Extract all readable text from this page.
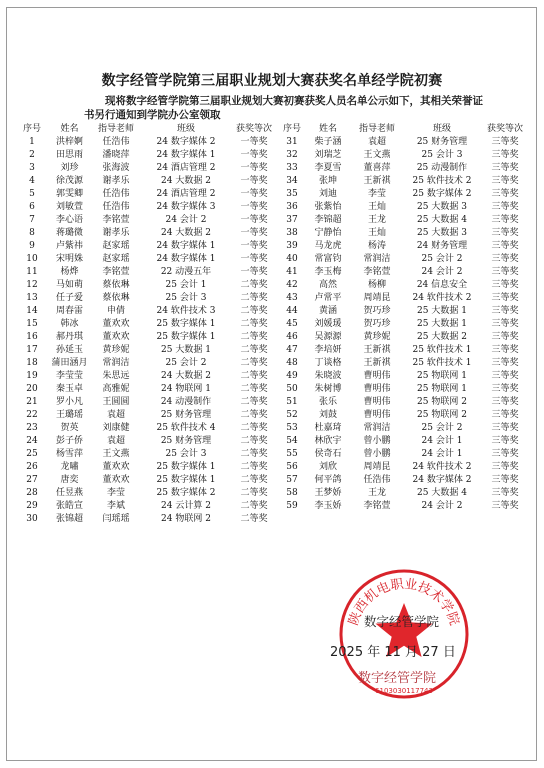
数字经管学院第三届职业规划大赛获奖名单经学院初赛
现将数字经管学院第三届职业规划大赛初赛获奖人员名单公示如下，其相关荣誉证书另行通知到学院办公室领取
序号	姓名	指导老师	班级	获奖等次
1	洪梓婀	任浩伟	24 数字媒体 2	一等奖
2	田思雨	潘晓萍	24 数字媒体 1	一等奖
3	刘珍	张海波	24 酒店管理 2	一等奖
4	徐茂源	谢孝乐	24 大数据 2	一等奖
5	郭雯卿	任浩伟	24 酒店管理 2	一等奖
6	刘敏萱	任浩伟	24 数字媒体 3	一等奖
7	李心语	李铭萱	24 会计 2	一等奖
8	蒋璐微	谢孝乐	24 大数据 2	一等奖
9	卢紫祎	赵家瑶	24 数字媒体 1	一等奖
10	宋明姝	赵家瑶	24 数字媒体 1	一等奖
11	杨烨	李铭萱	22 动漫五年	一等奖
12	马如萌	蔡依琳	25 会计 1	二等奖
13	任子爱	蔡依琳	25 会计 3	二等奖
14	周春雷	申倩	24 软件技术 3	二等奖
15	韩冰	董欢欢	25 数字媒体 1	二等奖
16	郝丹琪	董欢欢	25 数字媒体 1	二等奖
17	孙延玉	黄珍妮	25 大数据 1	二等奖
18	蒲田涵月	常润洁	25 会计 2	二等奖
19	李莹莹	朱思远	24 大数据 2	二等奖
20	秦玉卓	高雅妮	24 物联网 1	二等奖
21	罗小凡	王圆圆	24 动漫制作	二等奖
22	王璐瑶	袁超	25 财务管理	二等奖
23	贺英	刘康健	25 软件技术 4	二等奖
24	彭子侨	袁超	25 财务管理	二等奖
25	杨雪萍	王文燕	25 会计 3	二等奖
26	龙嘯	董欢欢	25 数字媒体 1	二等奖
27	唐奕	董欢欢	25 数字媒体 1	二等奖
28	任昱燕	李莹	25 数字媒体 2	二等奖
29	张皓宣	李斌	24 云计算 2	二等奖
30	张锦超	闫瑶瑶	24 物联网 2	二等奖
序号	姓名	指导老师	班级	获奖等次
31	柴子涵	袁超	25 财务管理	三等奖
32	刘瑞芝	王文燕	25 会计 3	三等奖
33	李夏雪	董喜萍	25 动漫制作	三等奖
34	张坤	王新祺	25 软件技术 2	三等奖
35	刘迪	李莹	25 数字媒体 2	三等奖
36	张紫怡	王灿	25 大数据 3	三等奖
37	李锦超	王龙	25 大数据 4	三等奖
38	宁静怡	王灿	25 大数据 3	三等奖
39	马龙虎	杨涛	24 财务管理	三等奖
40	常富钧	常润洁	25 会计 2	三等奖
41	李玉梅	李铭萱	24 会计 2	三等奖
42	高然	杨柳	24 信息安全	三等奖
43	卢常平	周靖昆	24 软件技术 2	三等奖
44	黄涵	贺巧珍	25 大数据 1	三等奖
45	刘媛瑗	贺巧珍	25 大数据 1	三等奖
46	吴源源	黄珍妮	25 大数据 2	三等奖
47	李培妍	王新祺	25 软件技术 1	三等奖
48	丁谈格	王新祺	25 软件技术 1	三等奖
49	朱晓波	曹明伟	25 物联网 1	三等奖
50	朱树博	曹明伟	25 物联网 1	三等奖
51	张乐	曹明伟	25 物联网 2	三等奖
52	刘鼓	曹明伟	25 物联网 2	三等奖
53	杜嘉琦	常润洁	25 会计 2	三等奖
54	林欣宇	曾小鹏	24 会计 1	三等奖
55	侯奇石	曾小鹏	24 会计 1	三等奖
56	刘欣	周靖昆	24 软件技术 2	三等奖
57	何平鸽	任浩伟	24 数字媒体 2	三等奖
58	王梦娇	王龙	25 大数据 4	三等奖
59	李玉娇	李铭萱	24 会计 2	三等奖
陕西机电职业技术学院
6103030117743
数字经管学院
2025 年 11 月 27 日
数字经管学院
